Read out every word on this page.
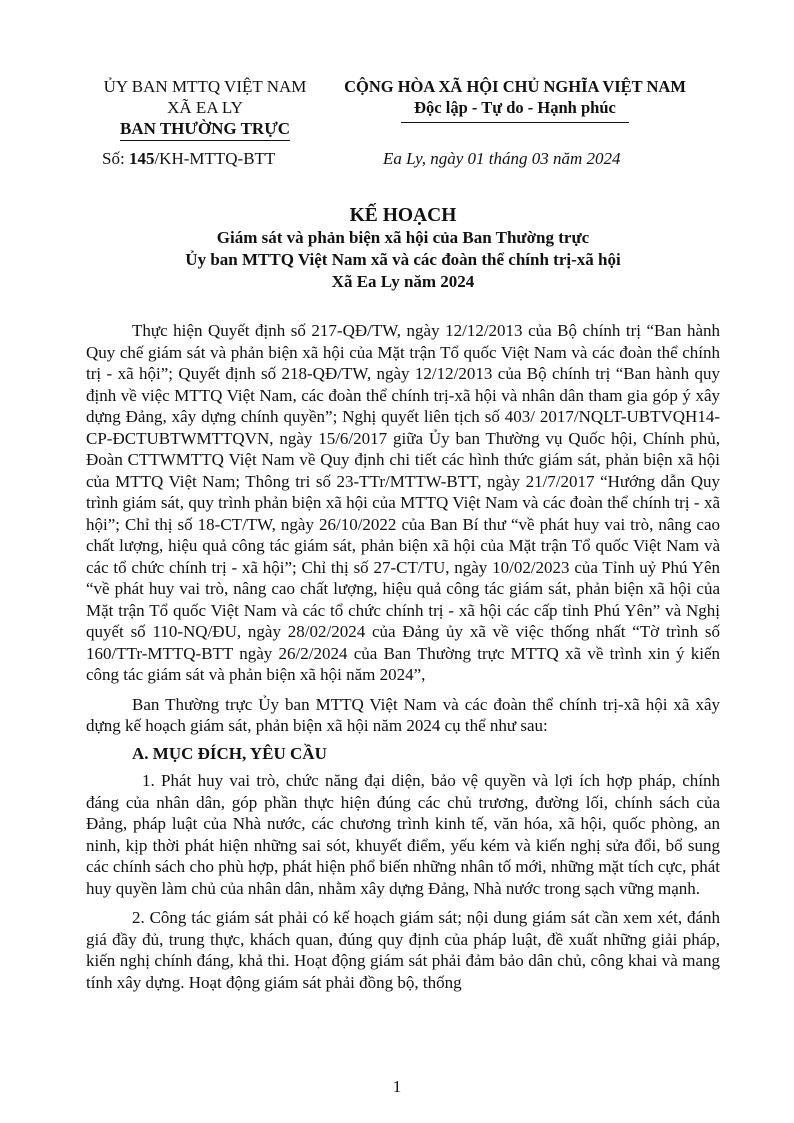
ỦY BAN MTTQ VIỆT NAM
XÃ EA LY
BAN THƯỜNG TRỰC
CỘNG HÒA XÃ HỘI CHỦ NGHĨA VIỆT NAM
Độc lập - Tự do - Hạnh phúc
Số: 145/KH-MTTQ-BTT	Ea Ly, ngày 01 tháng 03 năm 2024
KẾ HOẠCH
Giám sát và phản biện xã hội của Ban Thường trực
Ủy ban MTTQ Việt Nam xã và các đoàn thể chính trị-xã hội
Xã Ea Ly năm 2024

Thực hiện Quyết định số 217-QĐ/TW, ngày 12/12/2013 của Bộ chính trị “Ban hành Quy chế giám sát và phản biện xã hội của Mặt trận Tổ quốc Việt Nam và các đoàn thể chính trị - xã hội”; Quyết định số 218-QĐ/TW, ngày 12/12/2013 của Bộ chính trị “Ban hành quy định về việc MTTQ Việt Nam, các đoàn thể chính trị-xã hội và nhân dân tham gia góp ý xây dựng Đảng, xây dựng chính quyền”; Nghị quyết liên tịch số 403/ 2017/NQLT-UBTVQH14-CP-ĐCTUBTWMTTQVN, ngày 15/6/2017 giữa Ủy ban Thường vụ Quốc hội, Chính phủ, Đoàn CTTWMTTQ Việt Nam về Quy định chi tiết các hình thức giám sát, phản biện xã hội của MTTQ Việt Nam; Thông tri số 23-TTr/MTTW-BTT, ngày 21/7/2017 “Hướng dẫn Quy trình giám sát, quy trình phản biện xã hội của MTTQ Việt Nam và các đoàn thể chính trị - xã hội”; Chỉ thị số 18-CT/TW, ngày 26/10/2022 của Ban Bí thư “về phát huy vai trò, nâng cao chất lượng, hiệu quả công tác giám sát, phản biện xã hội của Mặt trận Tổ quốc Việt Nam và các tổ chức chính trị - xã hội”; Chỉ thị số 27-CT/TU, ngày 10/02/2023 của Tỉnh uỷ Phú Yên “về phát huy vai trò, nâng cao chất lượng, hiệu quả công tác giám sát, phản biện xã hội của Mặt trận Tổ quốc Việt Nam và các tổ chức chính trị - xã hội các cấp tỉnh Phú Yên” và Nghị quyết số 110-NQ/ĐU, ngày 28/02/2024 của Đảng ủy xã về việc thống nhất “Tờ trình số 160/TTr-MTTQ-BTT ngày 26/2/2024 của Ban Thường trực MTTQ xã về trình xin ý kiến công tác giám sát và phản biện xã hội năm 2024”,

Ban Thường trực Ủy ban MTTQ Việt Nam và các đoàn thể chính trị-xã hội xã xây dựng kế hoạch giám sát, phản biện xã hội năm 2024 cụ thể như sau:

A. MỤC ĐÍCH, YÊU CẦU

1. Phát huy vai trò, chức năng đại diện, bảo vệ quyền và lợi ích hợp pháp, chính đáng của nhân dân, góp phần thực hiện đúng các chủ trương, đường lối, chính sách của Đảng, pháp luật của Nhà nước, các chương trình kinh tế, văn hóa, xã hội, quốc phòng, an ninh, kịp thời phát hiện những sai sót, khuyết điểm, yếu kém và kiến nghị sửa đổi, bổ sung các chính sách cho phù hợp, phát hiện phổ biến những nhân tố mới, những mặt tích cực, phát huy quyền làm chủ của nhân dân, nhằm xây dựng Đảng, Nhà nước trong sạch vững mạnh.

2. Công tác giám sát phải có kế hoạch giám sát; nội dung giám sát cần xem xét, đánh giá đầy đủ, trung thực, khách quan, đúng quy định của pháp luật, đề xuất những giải pháp, kiến nghị chính đáng, khả thi. Hoạt động giám sát phải đảm bảo dân chủ, công khai và mang tính xây dựng. Hoạt động giám sát phải đồng bộ, thống

1
